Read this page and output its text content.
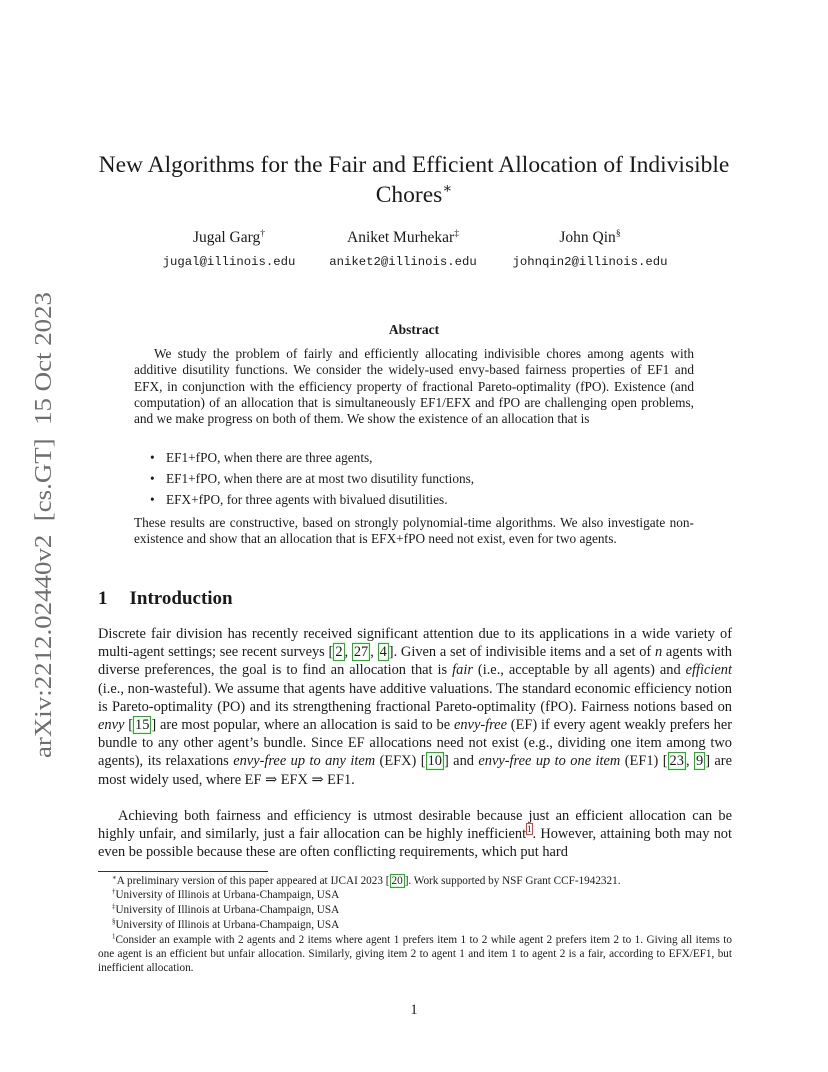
arXiv:2212.02440v2  [cs.GT]  15 Oct 2023
New Algorithms for the Fair and Efficient Allocation of Indivisible
Chores∗
Jugal Garg†
jugal@illinois.edu
Aniket Murhekar‡
aniket2@illinois.edu
John Qin§
johnqin2@illinois.edu
Abstract
We study the problem of fairly and efficiently allocating indivisible chores among agents with additive disutility functions. We consider the widely-used envy-based fairness properties of EF1 and EFX, in conjunction with the efficiency property of fractional Pareto-optimality (fPO). Existence (and computation) of an allocation that is simultaneously EF1/EFX and fPO are challenging open problems, and we make progress on both of them. We show the existence of an allocation that is
• EF1+fPO, when there are three agents,
• EF1+fPO, when there are at most two disutility functions,
• EFX+fPO, for three agents with bivalued disutilities.
These results are constructive, based on strongly polynomial-time algorithms. We also investigate non-existence and show that an allocation that is EFX+fPO need not exist, even for two agents.
1 Introduction
Discrete fair division has recently received significant attention due to its applications in a wide variety of multi-agent settings; see recent surveys [ 2 , 27 , 4 ]. Given a set of indivisible items and a set of n agents with diverse preferences, the goal is to find an allocation that is fair (i.e., acceptable by all agents) and efficient (i.e., non-wasteful). We assume that agents have additive valuations. The standard economic efficiency notion is Pareto-optimality (PO) and its strengthening fractional Pareto-optimality (fPO). Fairness notions based on envy [ 15 ] are most popular, where an allocation is said to be envy-free (EF) if every agent weakly prefers her bundle to any other agent’s bundle. Since EF allocations need not exist (e.g., dividing one item among two agents), its relaxations envy-free up to any item (EFX) [ 10 ] and envy-free up to one item (EF1) [ 23 , 9 ] are most widely used, where EF ⇒ EFX ⇒ EF1.
Achieving both fairness and efficiency is utmost desirable because just an efficient allocation can be highly unfair, and similarly, just a fair allocation can be highly inefficient$^1$. However, attaining both may not even be possible because these are often conflicting requirements, which put hard
∗A preliminary version of this paper appeared at IJCAI 2023 [ 20 ]. Work supported by NSF Grant CCF-1942321.
†University of Illinois at Urbana-Champaign, USA
‡University of Illinois at Urbana-Champaign, USA
§University of Illinois at Urbana-Champaign, USA
$^1$Consider an example with 2 agents and 2 items where agent 1 prefers item 1 to 2 while agent 2 prefers item 2 to 1. Giving all items to one agent is an efficient but unfair allocation. Similarly, giving item 2 to agent 1 and item 1 to agent 2 is a fair, according to EFX/EF1, but inefficient allocation.
1
